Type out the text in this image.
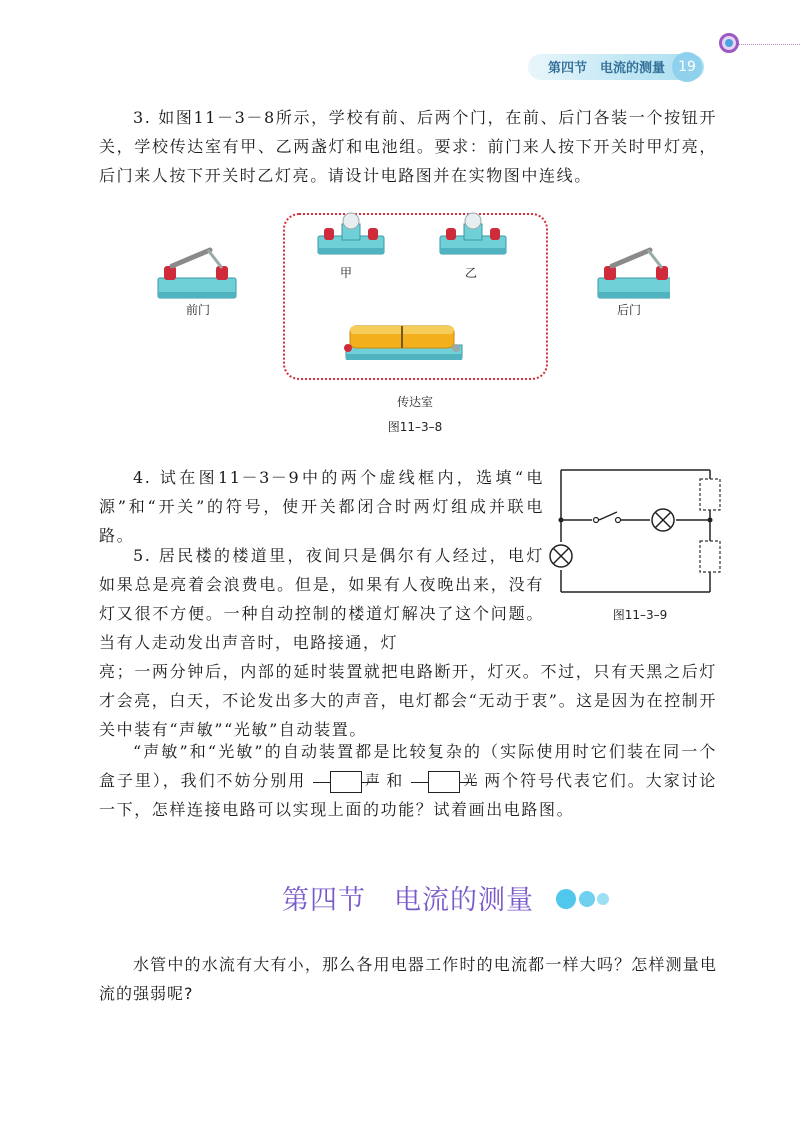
第四节　电流的测量 19

3. 如图11－3－8所示，学校有前、后两个门，在前、后门各装一个按钮开关，学校传达室有甲、乙两盏灯和电池组。要求：前门来人按下开关时甲灯亮，后门来人按下开关时乙灯亮。请设计电路图并在实物图中连线。

前门	后门
甲	乙
传达室
图11–3–8

4. 试在图11－3－9中的两个虚线框内，选填“电源”和“开关”的符号，使开关都闭合时两灯组成并联电路。

图11–3–9

5. 居民楼的楼道里，夜间只是偶尔有人经过，电灯如果总是亮着会浪费电。但是，如果有人夜晚出来，没有灯又很不方便。一种自动控制的楼道灯解决了这个问题。当有人走动发出声音时，电路接通，灯

亮；一两分钟后，内部的延时装置就把电路断开，灯灭。不过，只有天黑之后灯才会亮，白天，不论发出多大的声音，电灯都会“无动于衷”。这是因为在控制开关中装有“声敏”“光敏”自动装置。

“声敏”和“光敏”的自动装置都是比较复杂的（实际使用时它们装在同一个盒子里），我们不妨分别用	声 和	光 两个符号代表它们。大家讨论一下，怎样连接电路可以实现上面的功能？试着画出电路图。

第四节　电流的测量

水管中的水流有大有小，那么各用电器工作时的电流都一样大吗？怎样测量电流的强弱呢?
